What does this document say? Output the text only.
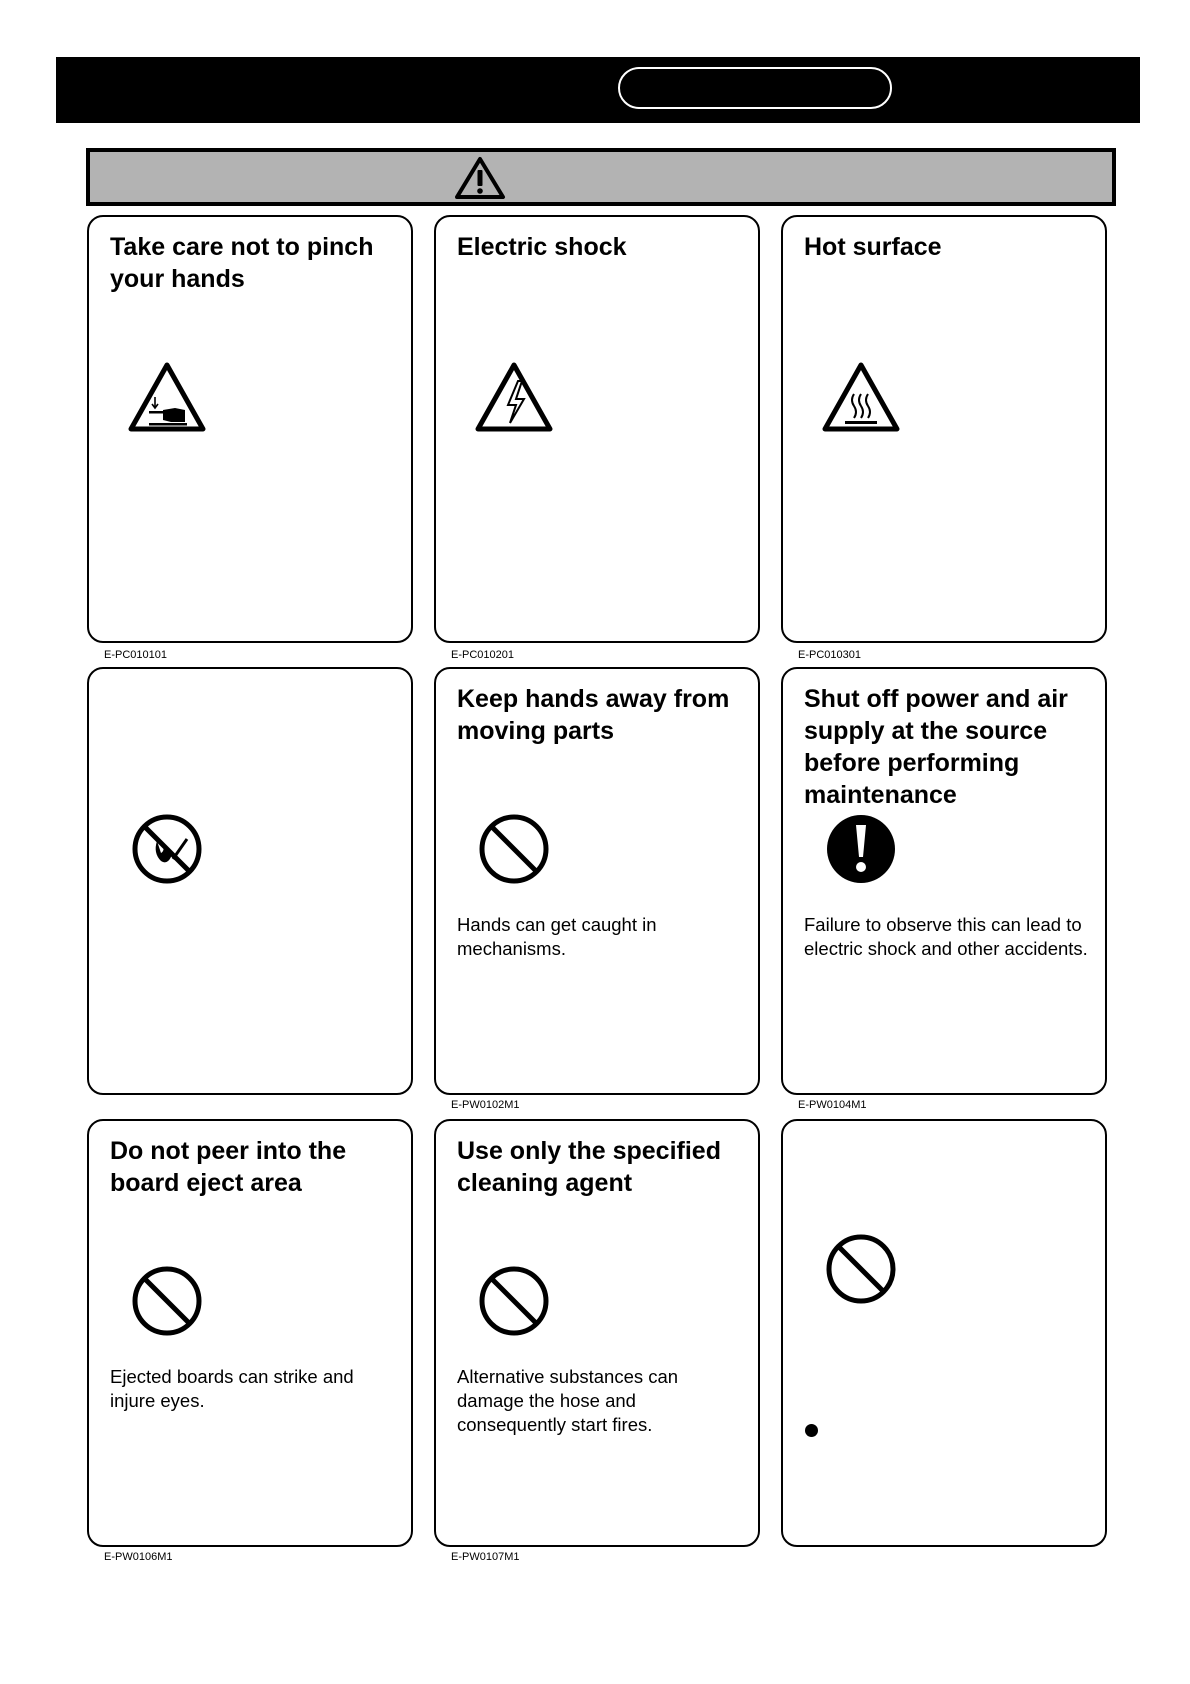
Take care not to pinch your hands
E-PC010101
Electric shock
E-PC010201
Hot surface
E-PC010301
Keep hands away from moving parts
Hands can get caught in mechanisms.
E-PW0102M1
Shut off power and air supply at the source before performing maintenance
Failure to observe this can lead to electric shock and other accidents.
E-PW0104M1
Do not peer into the board eject area
Ejected boards can strike and injure eyes.
E-PW0106M1
Use only the specified cleaning agent
Alternative substances can damage the hose and consequently start fires.
E-PW0107M1
